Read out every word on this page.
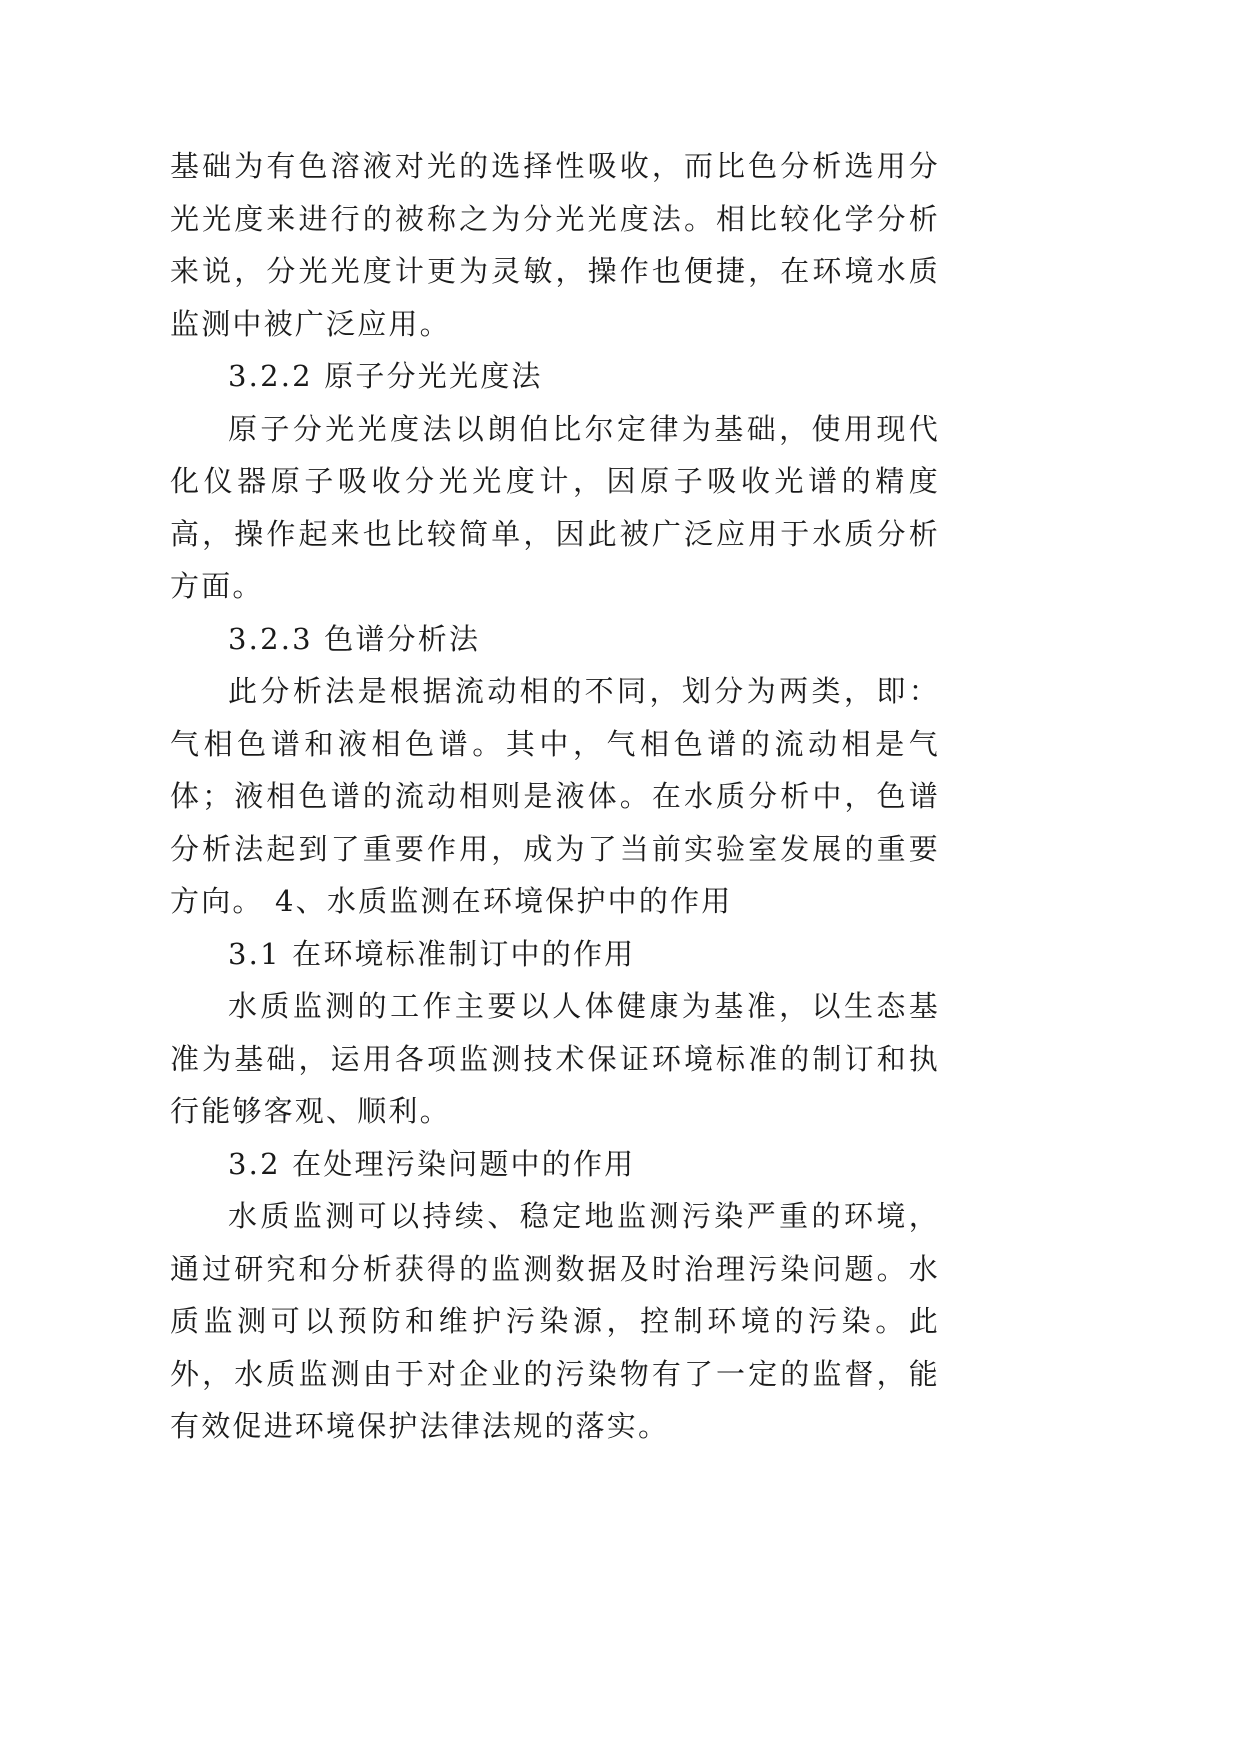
基础为有色溶液对光的选择性吸收，而比色分析选用分光光度来进行的被称之为分光光度法。相比较化学分析来说，分光光度计更为灵敏，操作也便捷，在环境水质监测中被广泛应用。

3.2.2 原子分光光度法

原子分光光度法以朗伯比尔定律为基础，使用现代化仪器原子吸收分光光度计，因原子吸收光谱的精度高，操作起来也比较简单，因此被广泛应用于水质分析方面。

3.2.3 色谱分析法

此分析法是根据流动相的不同，划分为两类，即：气相色谱和液相色谱。其中，气相色谱的流动相是气体；液相色谱的流动相则是液体。在水质分析中，色谱分析法起到了重要作用，成为了当前实验室发展的重要方向。 4、水质监测在环境保护中的作用

3.1 在环境标准制订中的作用

水质监测的工作主要以人体健康为基准，以生态基准为基础，运用各项监测技术保证环境标准的制订和执行能够客观、顺利。

3.2 在处理污染问题中的作用

水质监测可以持续、稳定地监测污染严重的环境，通过研究和分析获得的监测数据及时治理污染问题。水质监测可以预防和维护污染源，控制环境的污染。此外，水质监测由于对企业的污染物有了一定的监督，能有效促进环境保护法律法规的落实。
